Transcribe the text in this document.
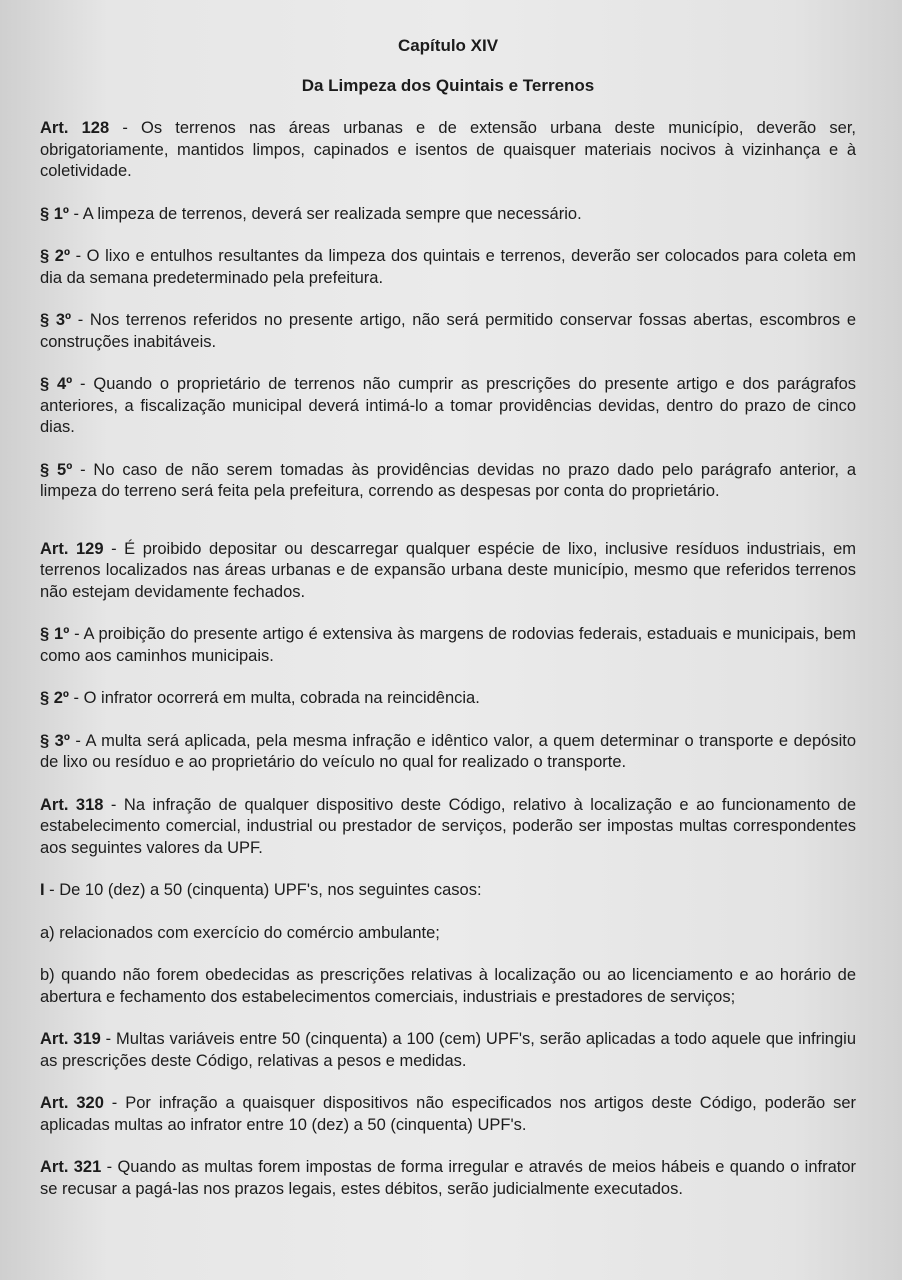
Capítulo XIV
Da Limpeza dos Quintais e Terrenos

Art. 128 - Os terrenos nas áreas urbanas e de extensão urbana deste município, deverão ser, obrigatoriamente, mantidos limpos, capinados e isentos de quaisquer materiais nocivos à vizinhança e à coletividade.

§ 1º - A limpeza de terrenos, deverá ser realizada sempre que necessário.

§ 2º - O lixo e entulhos resultantes da limpeza dos quintais e terrenos, deverão ser colocados para coleta em dia da semana predeterminado pela prefeitura.

§ 3º - Nos terrenos referidos no presente artigo, não será permitido conservar fossas abertas, escombros e construções inabitáveis.

§ 4º - Quando o proprietário de terrenos não cumprir as prescrições do presente artigo e dos parágrafos anteriores, a fiscalização municipal deverá intimá-lo a tomar providências devidas, dentro do prazo de cinco dias.

§ 5º - No caso de não serem tomadas às providências devidas no prazo dado pelo parágrafo anterior, a limpeza do terreno será feita pela prefeitura, correndo as despesas por conta do proprietário.

Art. 129 - É proibido depositar ou descarregar qualquer espécie de lixo, inclusive resíduos industriais, em terrenos localizados nas áreas urbanas e de expansão urbana deste município, mesmo que referidos terrenos não estejam devidamente fechados.

§ 1º - A proibição do presente artigo é extensiva às margens de rodovias federais, estaduais e municipais, bem como aos caminhos municipais.

§ 2º - O infrator ocorrerá em multa, cobrada na reincidência.

§ 3º - A multa será aplicada, pela mesma infração e idêntico valor, a quem determinar o transporte e depósito de lixo ou resíduo e ao proprietário do veículo no qual for realizado o transporte.

Art. 318 - Na infração de qualquer dispositivo deste Código, relativo à localização e ao funcionamento de estabelecimento comercial, industrial ou prestador de serviços, poderão ser impostas multas correspondentes aos seguintes valores da UPF.

I - De 10 (dez) a 50 (cinquenta) UPF's, nos seguintes casos:

a) relacionados com exercício do comércio ambulante;

b) quando não forem obedecidas as prescrições relativas à localização ou ao licenciamento e ao horário de abertura e fechamento dos estabelecimentos comerciais, industriais e prestadores de serviços;

Art. 319 - Multas variáveis entre 50 (cinquenta) a 100 (cem) UPF's, serão aplicadas a todo aquele que infringiu as prescrições deste Código, relativas a pesos e medidas.

Art. 320 - Por infração a quaisquer dispositivos não especificados nos artigos deste Código, poderão ser aplicadas multas ao infrator entre 10 (dez) a 50 (cinquenta) UPF's.

Art. 321 - Quando as multas forem impostas de forma irregular e através de meios hábeis e quando o infrator se recusar a pagá-las nos prazos legais, estes débitos, serão judicialmente executados.
